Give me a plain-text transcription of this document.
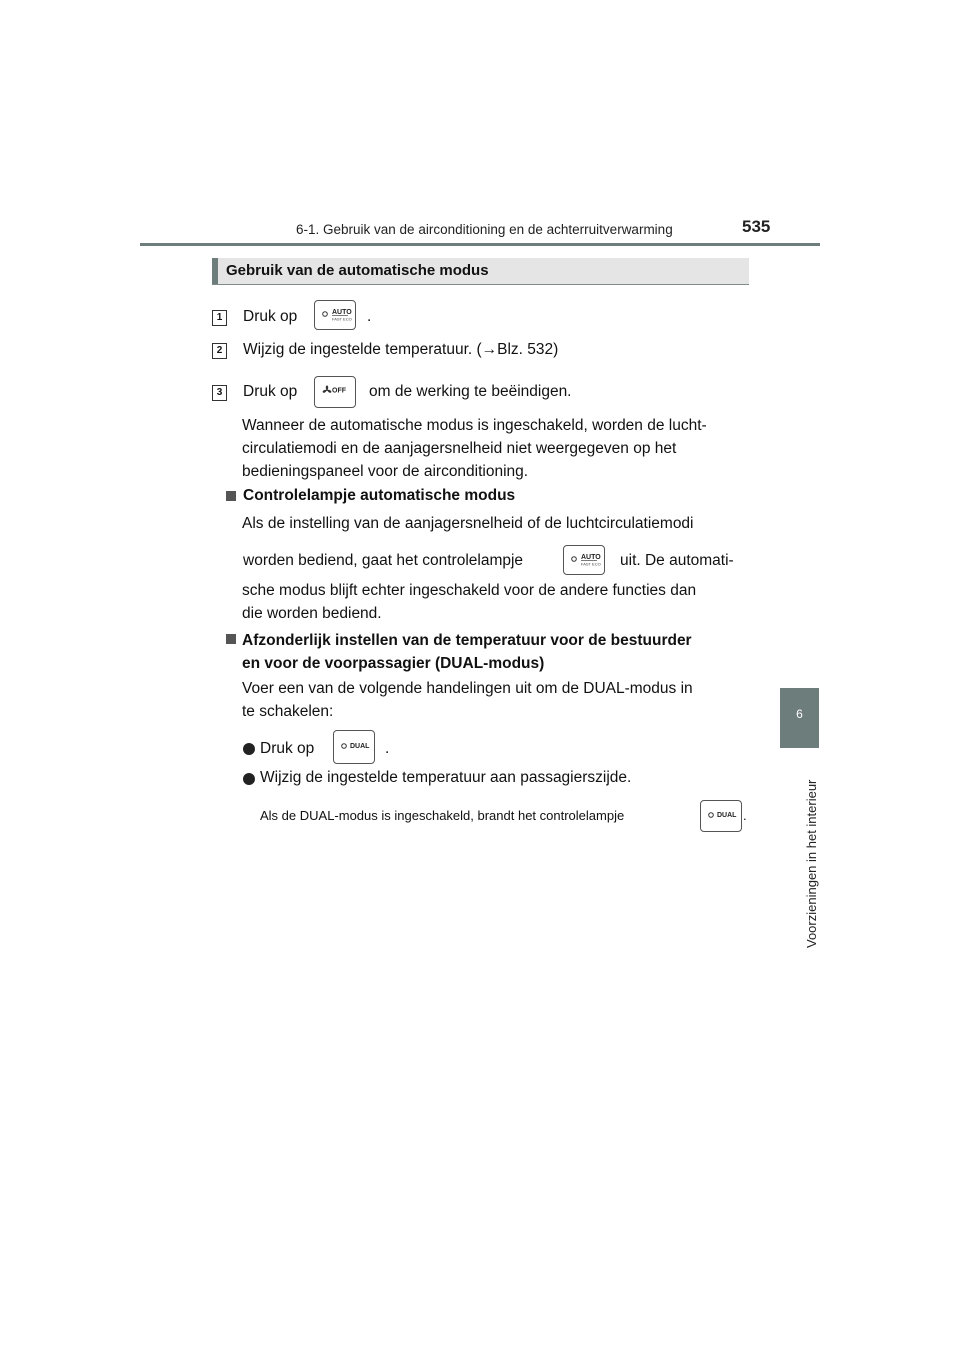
6-1. Gebruik van de airconditioning en de achterruitverwarming	535
6
Voorzieningen in het interieur
Gebruik van de automatische modus
1	Druk op	AUTO
FAST ECO .
2	Wijzig de ingestelde temperatuur. (→Blz. 532)
3	Druk op	OFF om de werking te beëindigen.
Wanneer de automatische modus is ingeschakeld, worden de lucht-
circulatiemodi en de aanjagersnelheid niet weergegeven op het
bedieningspaneel voor de airconditioning.
Controlelampje automatische modus
Als de instelling van de aanjagersnelheid of de luchtcirculatiemodi
worden bediend, gaat het controlelampje	AUTO
FAST ECO uit. De automati-
sche modus blijft echter ingeschakeld voor de andere functies dan
die worden bediend.
Afzonderlijk instellen van de temperatuur voor de bestuurder
en voor de voorpassagier (DUAL-modus)
Voer een van de volgende handelingen uit om de DUAL-modus in
te schakelen:
Druk op	DUAL .
Wijzig de ingestelde temperatuur aan passagierszijde.
Als de DUAL-modus is ingeschakeld, brandt het controlelampje	DUAL .
